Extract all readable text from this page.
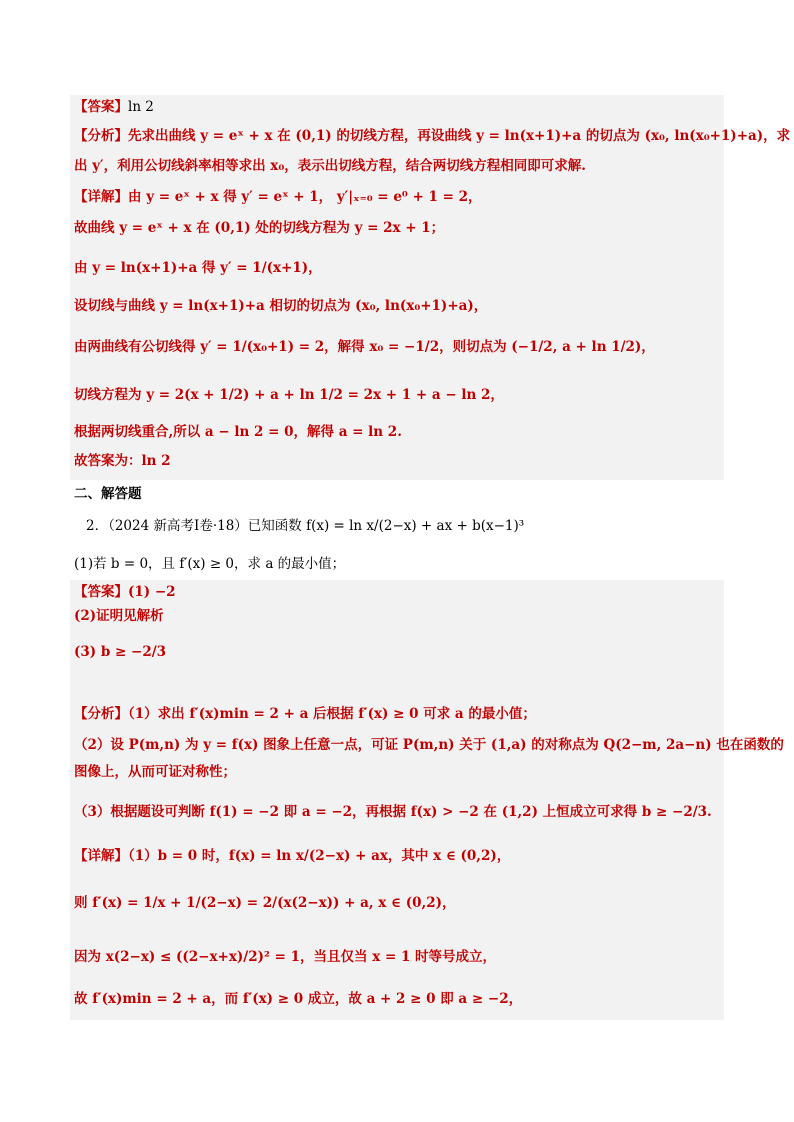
【答案】ln 2
【分析】先求出曲线 y = eˣ + x 在 (0,1) 的切线方程，再设曲线 y = ln(x+1)+a 的切点为 (x₀, ln(x₀+1)+a)，求
出 y′，利用公切线斜率相等求出 x₀，表示出切线方程，结合两切线方程相同即可求解.
【详解】由 y = eˣ + x 得 y′ = eˣ + 1， y′|ₓ₌₀ = e⁰ + 1 = 2，
故曲线 y = eˣ + x 在 (0,1) 处的切线方程为 y = 2x + 1；
由 y = ln(x+1)+a 得 y′ = 1/(x+1)，
设切线与曲线 y = ln(x+1)+a 相切的切点为 (x₀, ln(x₀+1)+a)，
由两曲线有公切线得 y′ = 1/(x₀+1) = 2，解得 x₀ = −1/2，则切点为 (−1/2, a + ln 1/2)，
切线方程为 y = 2(x + 1/2) + a + ln 1/2 = 2x + 1 + a − ln 2，
根据两切线重合,所以 a − ln 2 = 0，解得 a = ln 2.
故答案为：ln 2
二、解答题
2．（2024 新高考Ⅰ卷·18）已知函数 f(x) = ln x/(2−x) + ax + b(x−1)³
(1)若 b = 0，且 f′(x) ≥ 0，求 a 的最小值；
【答案】(1) −2
(2)证明见解析
(3) b ≥ −2/3
【分析】（1）求出 f′(x)min = 2 + a 后根据 f′(x) ≥ 0 可求 a 的最小值；
（2）设 P(m,n) 为 y = f(x) 图象上任意一点，可证 P(m,n) 关于 (1,a) 的对称点为 Q(2−m, 2a−n) 也在函数的
图像上，从而可证对称性；
（3）根据题设可判断 f(1) = −2 即 a = −2，再根据 f(x) > −2 在 (1,2) 上恒成立可求得 b ≥ −2/3.
【详解】（1）b = 0 时，f(x) = ln x/(2−x) + ax，其中 x ∈ (0,2)，
则 f′(x) = 1/x + 1/(2−x) = 2/(x(2−x)) + a, x ∈ (0,2)，
因为 x(2−x) ≤ ((2−x+x)/2)² = 1，当且仅当 x = 1 时等号成立，
故 f′(x)min = 2 + a，而 f′(x) ≥ 0 成立，故 a + 2 ≥ 0 即 a ≥ −2，
